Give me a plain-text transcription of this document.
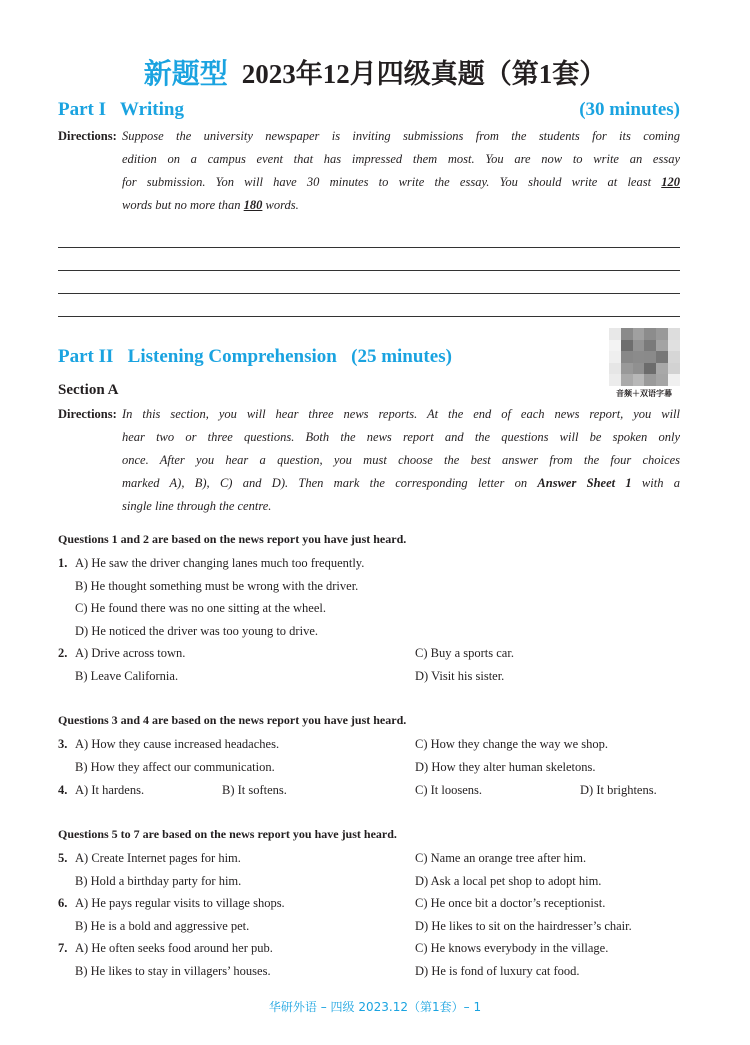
新题型 2023年12月四级真题（第1套）
Part I   Writing	(30 minutes)
Directions: Suppose the university newspaper is inviting submissions from the students for its coming
edition on a campus event that has impressed them most. You are now to write an essay
for submission. Yon will have 30 minutes to write the essay. You should write at least 120
words but no more than 180 words.
Part II   Listening Comprehension   (25 minutes)
音频＋双语字幕
Section A
Directions: In this section, you will hear three news reports. At the end of each news report, you will
hear two or three questions. Both the news report and the questions will be spoken only
once. After you hear a question, you must choose the best answer from the four choices
marked A), B), C) and D). Then mark the corresponding letter on Answer Sheet 1 with a
single line through the centre.
Questions 1 and 2 are based on the news report you have just heard.
1. A) He saw the driver changing lanes much too frequently.
B) He thought something must be wrong with the driver.
C) He found there was no one sitting at the wheel.
D) He noticed the driver was too young to drive.
2. A) Drive across town.	C) Buy a sports car.
B) Leave California.	D) Visit his sister.
Questions 3 and 4 are based on the news report you have just heard.
3. A) How they cause increased headaches.	C) How they change the way we shop.
B) How they affect our communication.	D) How they alter human skeletons.
4. A) It hardens.	B) It softens.	C) It loosens.	D) It brightens.
Questions 5 to 7 are based on the news report you have just heard.
5. A) Create Internet pages for him.	C) Name an orange tree after him.
B) Hold a birthday party for him.	D) Ask a local pet shop to adopt him.
6. A) He pays regular visits to village shops.	C) He once bit a doctor’s receptionist.
B) He is a bold and aggressive pet.	D) He likes to sit on the hairdresser’s chair.
7. A) He often seeks food around her pub.	C) He knows everybody in the village.
B) He likes to stay in villagers’ houses.	D) He is fond of luxury cat food.
华研外语 – 四级 2023.12（第1套）– 1
